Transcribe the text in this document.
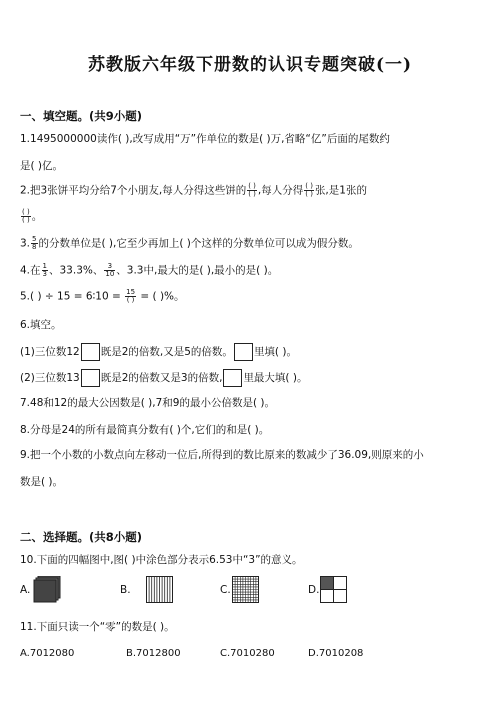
苏教版六年级下册数的认识专题突破(一)
一、填空题。(共9小题)
1.1495000000读作( ),改写成用“万”作单位的数是( )万,省略“亿”后面的尾数约
是( )亿。
2.把3张饼平均分给7个小朋友,每人分得这些饼的 $\frac{( )}{( )}$ ,每人分得 $\frac{( )}{( )}$ 张,是1张的
$\frac{( )}{( )}$ 。
3. $\frac{5}{8}$ 的分数单位是( ),它至少再加上( )个这样的分数单位可以成为假分数。
4.在 $\frac{1}{3}$ 、33.3%、 $\frac{3}{10}$ 、3.3中,最大的是( ),最小的是( )。
5.( ) ÷ 15 = 6∶10 = $\frac{15}{( )}$ = ( )%。
6.填空。
(1)三位数12 既是2的倍数,又是5的倍数。 里填( )。
(2)三位数13 既是2的倍数又是3的倍数, 里最大填( )。
7.48和12的最大公因数是( ),7和9的最小公倍数是( )。
8.分母是24的所有最简真分数有( )个,它们的和是( )。
9.把一个小数的小数点向左移动一位后,所得到的数比原来的数减少了36.09,则原来的小
数是( )。
二、选择题。(共8小题)
10.下面的四幅图中,图( )中涂色部分表示6.53中“3”的意义。
A.	B.	C.	D.
11.下面只读一个“零”的数是( )。
A.7012080	B.7012800	C.7010280	D.7010208
